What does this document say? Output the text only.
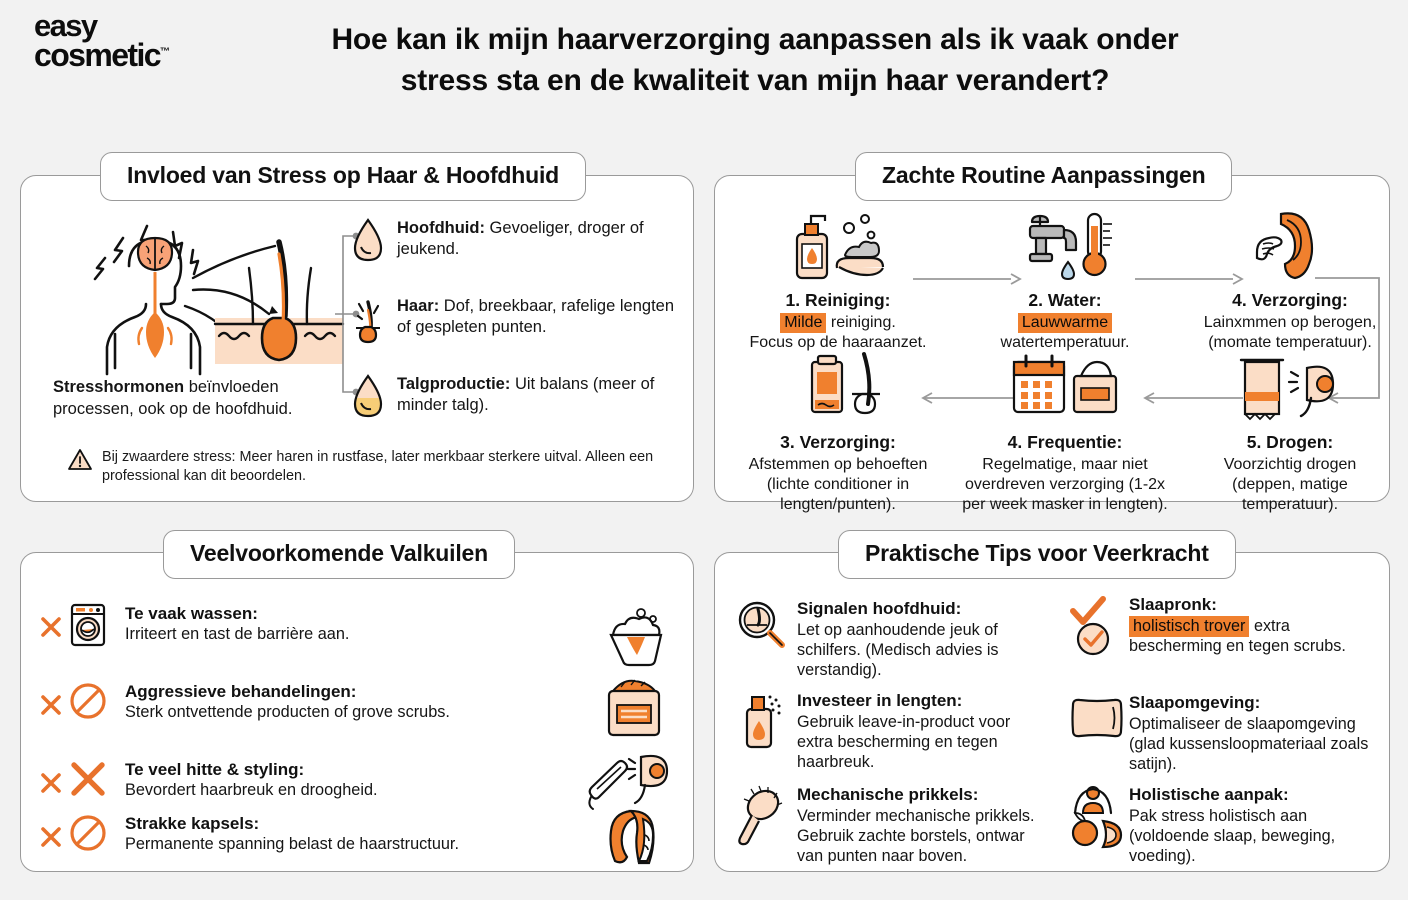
easy
cosmetic™	Hoe kan ik mijn haarverzorging aanpassen als ik vaak onder stress sta en de kwaliteit van mijn haar verandert?
Stresshormonen beïnvloeden processen, ook op de hoofdhuid.
Hoofdhuid: Gevoeliger, droger of jeukend.
Haar: Dof, breekbaar, rafelige lengten of gespleten punten.
Talgproductie: Uit balans (meer of minder talg).
Bij zwaardere stress: Meer haren in rustfase, later merkbaar sterkere uitval. Alleen een professional kan dit beoordelen.
1. Reiniging:
Milde reiniging.
Focus op de haaraanzet.
2. Water:
Lauwwarme
watertemperatuur.
4. Verzorging:
Lainxmmen op berogen,
(momate temperatuur).
3. Verzorging:
Afstemmen op behoeften
(lichte conditioner in lengten/punten).
4. Frequentie:
Regelmatige, maar niet
overdreven verzorging (1-2x per week masker in lengten).
5. Drogen:
Voorzichtig drogen
(deppen, matige temperatuur).
Te vaak wassen:
Irriteert en tast de barrière aan.
Aggressieve behandelingen:
Sterk ontvettende producten of grove scrubs.
Te veel hitte & styling:
Bevordert haarbreuk en droogheid.
Strakke kapsels:
Permanente spanning belast de haarstructuur.
Signalen hoofdhuid:
Let op aanhoudende jeuk of schilfers. (Medisch advies is verstandig).
Investeer in lengten:
Gebruik leave-in-product voor extra bescherming en tegen haarbreuk.
Mechanische prikkels:
Verminder mechanische prikkels. Gebruik zachte borstels, ontwar van punten naar boven.
Slaapronk:
holistisch trover extra bescherming en tegen scrubs.
Slaapomgeving:
Optimaliseer de slaapomgeving (glad kussensloopmateriaal zoals satijn).
Holistische aanpak:
Pak stress holistisch aan (voldoende slaap, beweging, voeding).
Invloed van Stress op Haar & Hoofdhuid	Zachte Routine Aanpassingen
Veelvoorkomende Valkuilen	Praktische Tips voor Veerkracht
